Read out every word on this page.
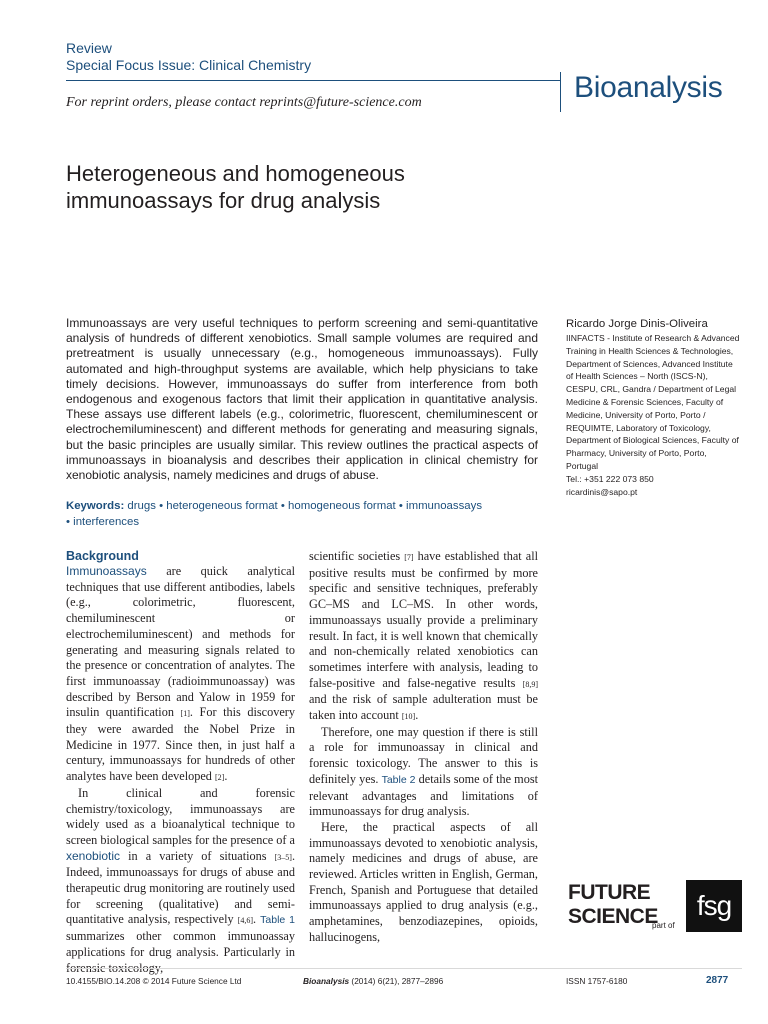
Review
Special Focus Issue: Clinical Chemistry
Bioanalysis
For reprint orders, please contact reprints@future-science.com
Heterogeneous and homogeneous immunoassays for drug analysis

Immunoassays are very useful techniques to perform screening and semi-quantitative analysis of hundreds of different xenobiotics. Small sample volumes are required and pretreatment is usually unnecessary (e.g., homogeneous immunoassays). Fully automated and high-throughput systems are available, which help physicians to take timely decisions. However, immunoassays do suffer from interference from both endogenous and exogenous factors that limit their application in quantitative analysis. These assays use different labels (e.g., colorimetric, fluorescent, chemiluminescent or electrochemiluminescent) and different methods for generating and measuring signals, but the basic principles are usually similar. This review outlines the practical aspects of immunoassays in bioanalysis and describes their application in clinical chemistry for xenobiotic analysis, namely medicines and drugs of abuse.

Keywords: drugs • heterogeneous format • homogeneous format • immunoassays
• interferences
Ricardo Jorge Dinis-Oliveira

IINFACTS - Institute of Research & Advanced Training in Health Sciences & Technologies, Department of Sciences, Advanced Institute of Health Sciences – North (ISCS-N), CESPU, CRL, Gandra / Department of Legal Medicine & Forensic Sciences, Faculty of Medicine, University of Porto, Porto / REQUIMTE, Laboratory of Toxicology, Department of Biological Sciences, Faculty of Pharmacy, University of Porto, Porto, Portugal
Tel.: +351 222 073 850
ricardinis@sapo.pt

Background

Immunoassays are quick analytical techniques that use different antibodies, labels (e.g., colorimetric, fluorescent, chemiluminescent or electrochemiluminescent) and methods for generating and measuring signals related to the presence or concentration of analytes. The first immunoassay (radioimmunoassay) was described by Berson and Yalow in 1959 for insulin quantification [1]. For this discovery they were awarded the Nobel Prize in Medicine in 1977. Since then, in just half a century, immunoassays for hundreds of other analytes have been developed [2].

In clinical and forensic chemistry/toxicology, immunoassays are widely used as a bioanalytical technique to screen biological samples for the presence of a xenobiotic in a variety of situations [3–5]. Indeed, immunoassays for drugs of abuse and therapeutic drug monitoring are routinely used for screening (qualitative) and semi-quantitative analysis, respectively [4,6]. Table 1 summarizes other common immunoassay applications for drug analysis. Particularly in forensic toxicology,

scientific societies [7] have established that all positive results must be confirmed by more specific and sensitive techniques, preferably GC–MS and LC–MS. In other words, immunoassays usually provide a preliminary result. In fact, it is well known that chemically and non-chemically related xenobiotics can sometimes interfere with analysis, leading to false-positive and false-negative results [8,9] and the risk of sample adulteration must be taken into account [10].

Therefore, one may question if there is still a role for immunoassay in clinical and forensic toxicology. The answer to this is definitely yes. Table 2 details some of the most relevant advantages and limitations of immunoassays for drug analysis.

Here, the practical aspects of all immunoassays devoted to xenobiotic analysis, namely medicines and drugs of abuse, are reviewed. Articles written in English, German, French, Spanish and Portuguese that detailed immunoassays applied to drug analysis (e.g., amphetamines, benzodiazepines, opioids, hallucinogens,

FUTURE
SCIENCE
part of
fsg
10.4155/BIO.14.208 © 2014 Future Science Ltd	Bioanalysis (2014) 6(21), 2877–2896	ISSN 1757-6180	2877
